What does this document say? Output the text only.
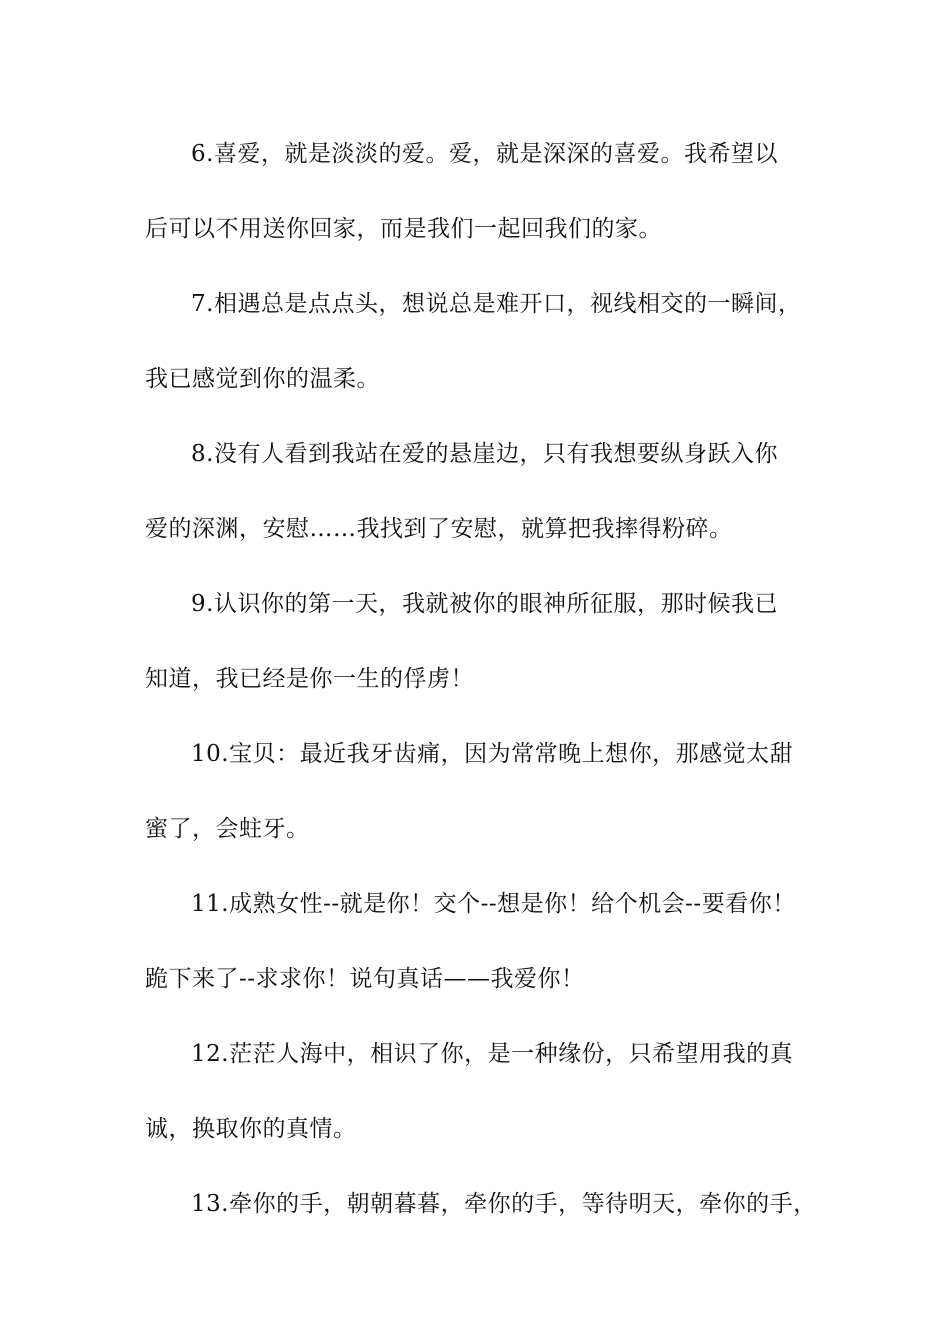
6.喜爱，就是淡淡的爱。爱，就是深深的喜爱。我希望以
后可以不用送你回家，而是我们一起回我们的家。
7.相遇总是点点头，想说总是难开口，视线相交的一瞬间，
我已感觉到你的温柔。
8.没有人看到我站在爱的悬崖边，只有我想要纵身跃入你
爱的深渊，安慰……我找到了安慰，就算把我摔得粉碎。
9.认识你的第一天，我就被你的眼神所征服，那时候我已
知道，我已经是你一生的俘虏！
10.宝贝：最近我牙齿痛，因为常常晚上想你，那感觉太甜
蜜了，会蛀牙。
11.成熟女性--就是你！交个--想是你！给个机会--要看你！
跪下来了--求求你！说句真话——我爱你！
12.茫茫人海中，相识了你，是一种缘份，只希望用我的真
诚，换取你的真情。
13.牵你的手，朝朝暮暮，牵你的手，等待明天，牵你的手，
